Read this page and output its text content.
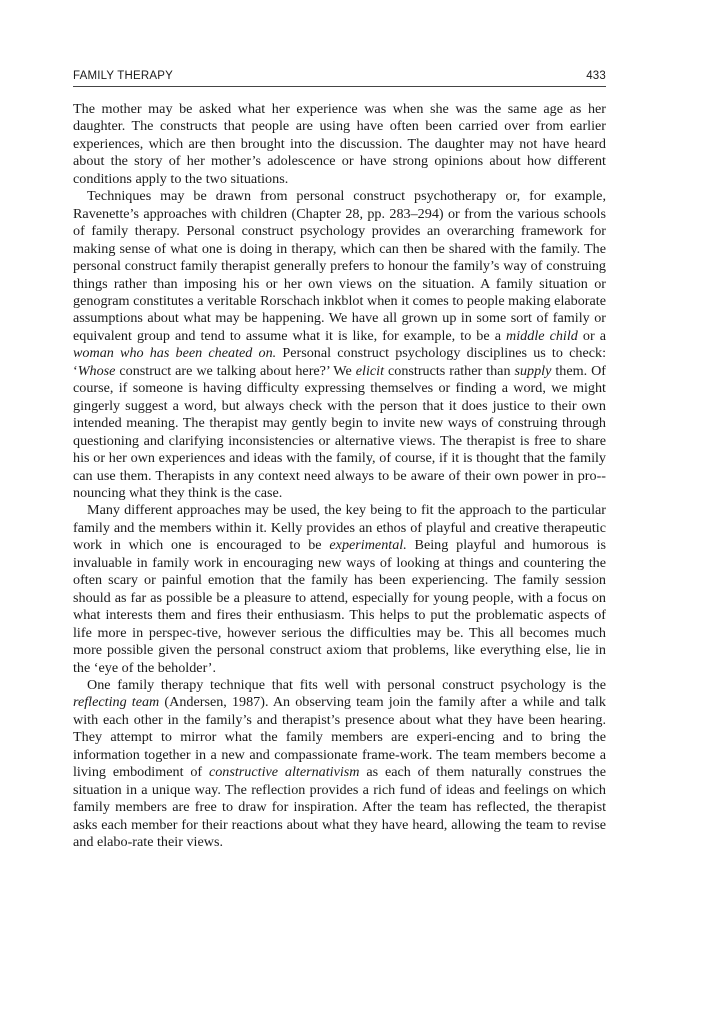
FAMILY THERAPY	433

The mother may be asked what her experience was when she was the same age as her daughter. The constructs that people are using have often been carried over from earlier experiences, which are then brought into the discussion. The daughter may not have heard about the story of her mother’s adolescence or have strong opinions about how different conditions apply to the two situations.

Techniques may be drawn from personal construct psychotherapy or, for example, Ravenette’s approaches with children (Chapter 28, pp. 283–294) or from the various schools of family therapy. Personal construct psychology provides an overarching framework for making sense of what one is doing in therapy, which can then be shared with the family. The personal construct family therapist generally prefers to honour the family’s way of construing things rather than imposing his or her own views on the situation. A family situation or genogram constitutes a veritable Rorschach inkblot when it comes to people making elaborate assumptions about what may be happening. We have all grown up in some sort of family or equivalent group and tend to assume what it is like, for example, to be a middle child or a woman who has been cheated on. Personal construct psychology disciplines us to check: ‘Whose construct are we talking about here?’ We elicit constructs rather than supply them. Of course, if someone is having difficulty expressing themselves or finding a word, we might gingerly suggest a word, but always check with the person that it does justice to their own intended meaning. The therapist may gently begin to invite new ways of construing through questioning and clarifying inconsistencies or alternative views. The therapist is free to share his or her own experiences and ideas with the family, of course, if it is thought that the family can use them. Therapists in any context need always to be aware of their own power in pro-nouncing what they think is the case.

Many different approaches may be used, the key being to fit the approach to the particular family and the members within it. Kelly provides an ethos of playful and creative therapeutic work in which one is encouraged to be experimental. Being playful and humorous is invaluable in family work in encouraging new ways of looking at things and countering the often scary or painful emotion that the family has been experiencing. The family session should as far as possible be a pleasure to attend, especially for young people, with a focus on what interests them and fires their enthusiasm. This helps to put the problematic aspects of life more in perspec-tive, however serious the difficulties may be. This all becomes much more possible given the personal construct axiom that problems, like everything else, lie in the ‘eye of the beholder’.

One family therapy technique that fits well with personal construct psychology is the reflecting team (Andersen, 1987). An observing team join the family after a while and talk with each other in the family’s and therapist’s presence about what they have been hearing. They attempt to mirror what the family members are experi-encing and to bring the information together in a new and compassionate frame-work. The team members become a living embodiment of constructive alternativism as each of them naturally construes the situation in a unique way. The reflection provides a rich fund of ideas and feelings on which family members are free to draw for inspiration. After the team has reflected, the therapist asks each member for their reactions about what they have heard, allowing the team to revise and elabo-rate their views.
